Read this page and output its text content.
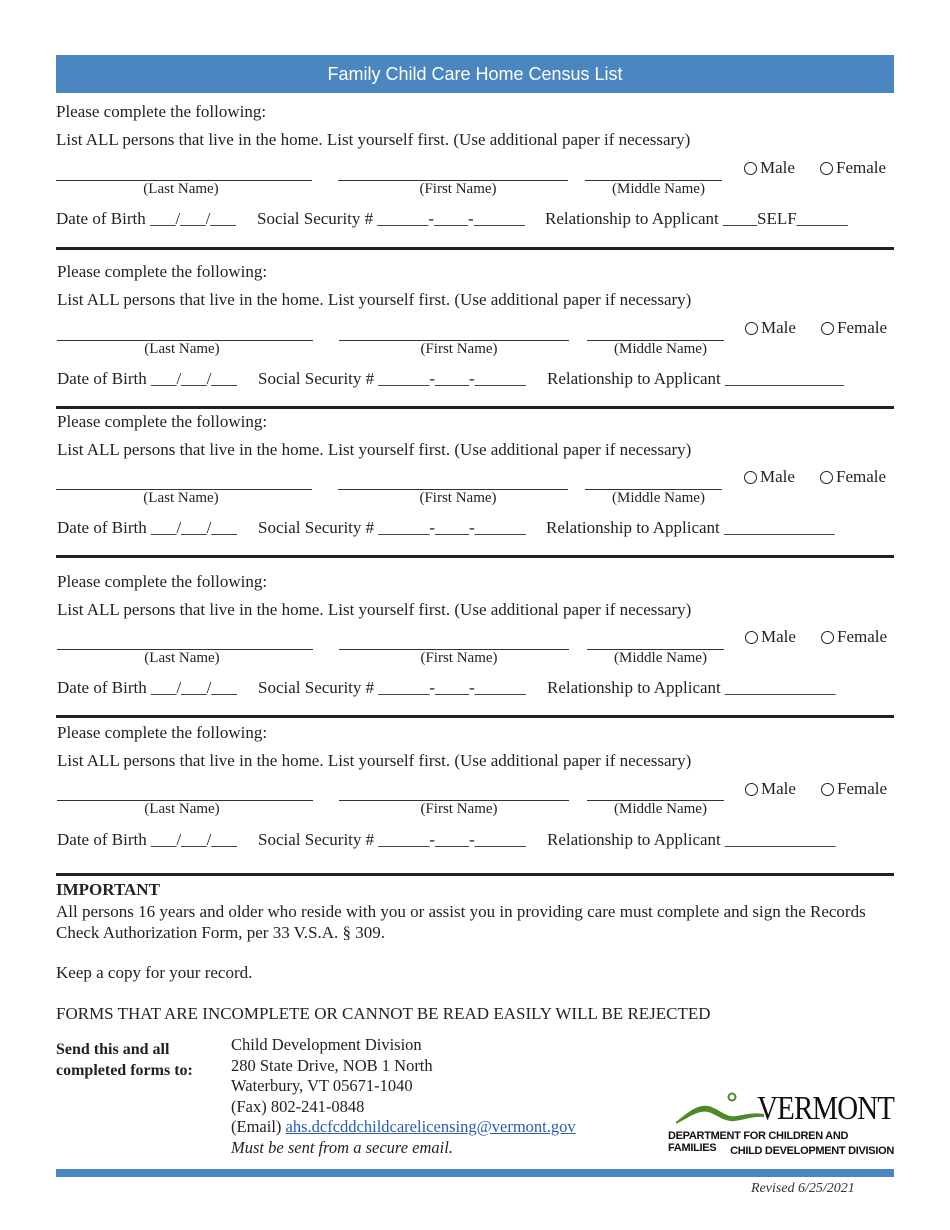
Family Child Care Home Census List
Please complete the following:
List ALL persons that live in the home. List yourself first. (Use additional paper if necessary)
Male Female
(Last Name)	(First Name)	(Middle Name)
Date of Birth ___/___/___ Social Security # ______-____-______ Relationship to Applicant ____SELF______
Please complete the following:
List ALL persons that live in the home. List yourself first. (Use additional paper if necessary)
Male Female
(Last Name)	(First Name)	(Middle Name)
Date of Birth ___/___/___ Social Security # ______-____-______ Relationship to Applicant ______________
Please complete the following:
List ALL persons that live in the home. List yourself first. (Use additional paper if necessary)
Male Female
(Last Name)	(First Name)	(Middle Name)
Date of Birth ___/___/___ Social Security # ______-____-______ Relationship to Applicant _____________
Please complete the following:
List ALL persons that live in the home. List yourself first. (Use additional paper if necessary)
Male Female
(Last Name)	(First Name)	(Middle Name)
Date of Birth ___/___/___ Social Security # ______-____-______ Relationship to Applicant _____________
Please complete the following:
List ALL persons that live in the home. List yourself first. (Use additional paper if necessary)
Male Female
(Last Name)	(First Name)	(Middle Name)
Date of Birth ___/___/___ Social Security # ______-____-______ Relationship to Applicant _____________
IMPORTANT
All persons 16 years and older who reside with you or assist you in providing care must complete and sign the Records Check Authorization Form, per 33 V.S.A. § 309.
Keep a copy for your record.
FORMS THAT ARE INCOMPLETE OR CANNOT BE READ EASILY WILL BE REJECTED
Send this and all
completed forms to:
Child Development Division
280 State Drive, NOB 1 North
Waterbury, VT 05671-1040
(Fax) 802-241-0848
(Email) ahs.dcfcddchildcarelicensing@vermont.gov
Must be sent from a secure email.
VERMONT
DEPARTMENT FOR CHILDREN AND FAMILIES	CHILD DEVELOPMENT DIVISION
Revised 6/25/2021
